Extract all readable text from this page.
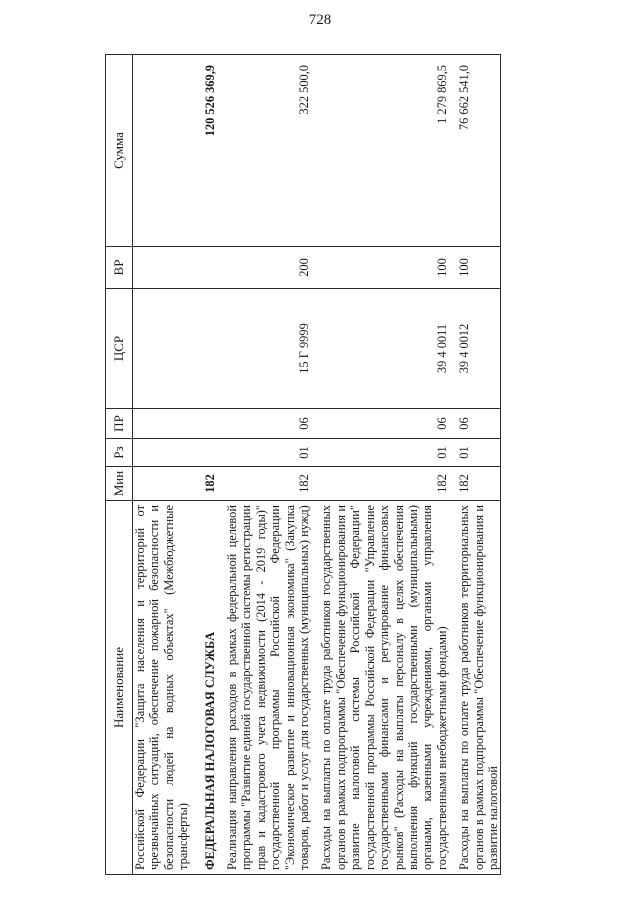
728
Наименование	Мин	Рз	ПР	ЦСР	ВР	Сумма
Российской Федерации "Защита населения и территорий от чрезвычайных ситуаций, обеспечение пожарной безопасности и безопасности людей на водных объектах" (Межбюджетные трансферты)						

ФЕДЕРАЛЬНАЯ НАЛОГОВАЯ СЛУЖБА	182					120 526 369,9

Реализация направления расходов в рамках федеральной целевой программы "Развитие единой государственной системы регистрации прав и кадастрового учета недвижимости (2014 - 2019 годы)" государственной программы Российской Федерации "Экономическое развитие и инновационная экономика" (Закупка товаров, работ и услуг для государственных (муниципальных) нужд)	182	01	06	15 Г 9999	200	322 500,0

Расходы на выплаты по оплате труда работников государственных органов в рамках подпрограммы "Обеспечение функционирования и развитие налоговой системы Российской Федерации" государственной программы Российской Федерации "Управление государственными финансами и регулирование финансовых рынков" (Расходы на выплаты персоналу в целях обеспечения выполнения функций государственными (муниципальными) органами, казенными учреждениями, органами управления государственными внебюджетными фондами)	182	01	06	39 4 0011	100	1 279 869,5

Расходы на выплаты по оплате труда работников территориальных органов в рамках подпрограммы "Обеспечение функционирования и развитие налоговой	182	01	06	39 4 0012	100	76 662 541,0
